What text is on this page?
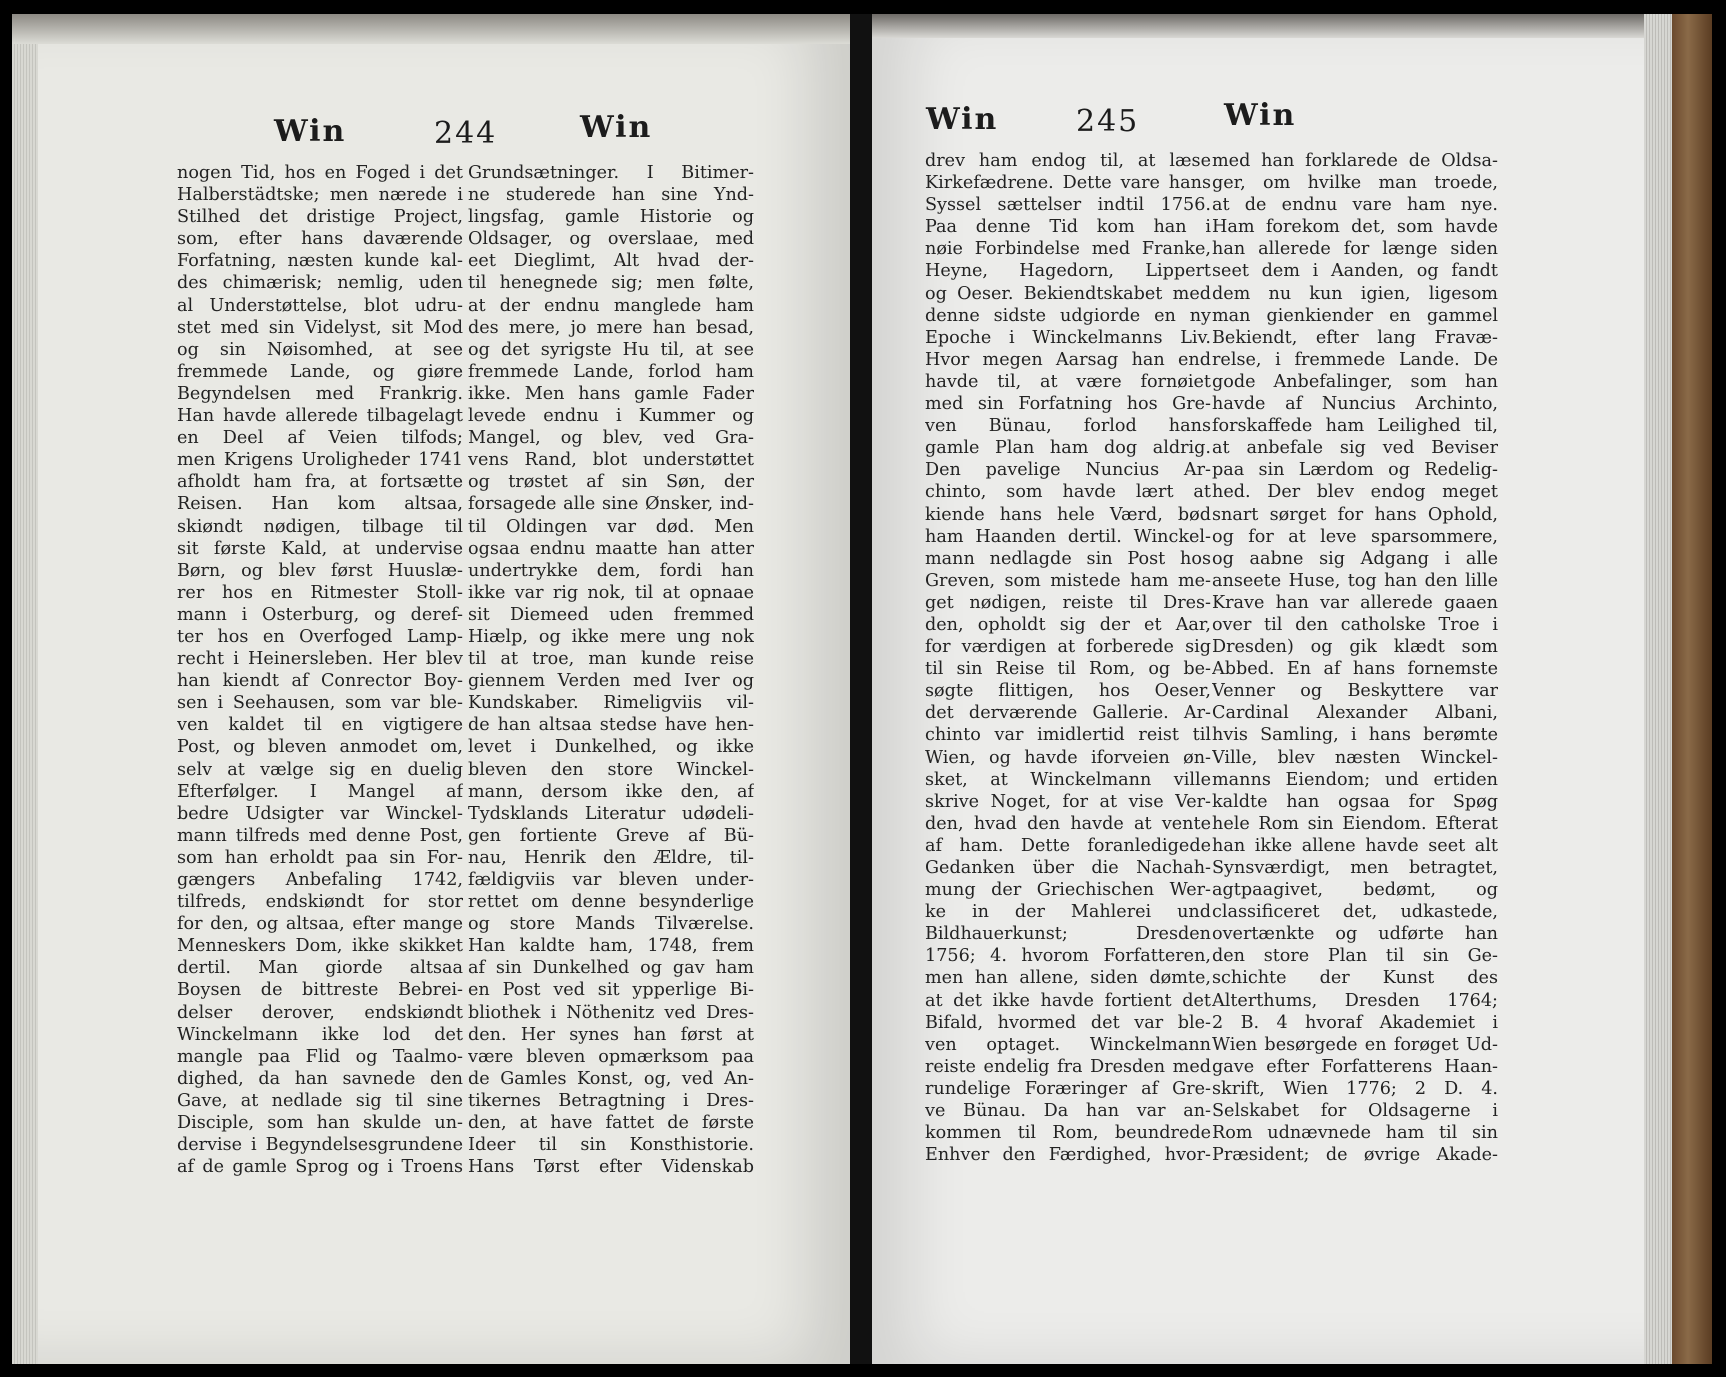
Win	244	Win
nogen Tid, hos en Foged i det
Halberstädtske; men nærede i
Stilhed det dristige Project,
som, efter hans daværende
Forfatning, næsten kunde kal-
des chimærisk; nemlig, uden
al Understøttelse, blot udru-
stet med sin Videlyst, sit Mod
og sin Nøisomhed, at see
fremmede Lande, og giøre
Begyndelsen med Frankrig.
Han havde allerede tilbagelagt
en Deel af Veien tilfods;
men Krigens Uroligheder 1741
afholdt ham fra, at fortsætte
Reisen. Han kom altsaa,
skiøndt nødigen, tilbage til
sit første Kald, at undervise
Børn, og blev først Huuslæ-
rer hos en Ritmester Stoll-
mann i Osterburg, og deref-
ter hos en Overfoged Lamp-
recht i Heinersleben. Her blev
han kiendt af Conrector Boy-
sen i Seehausen, som var ble-
ven kaldet til en vigtigere
Post, og bleven anmodet om,
selv at vælge sig en duelig
Efterfølger. I Mangel af
bedre Udsigter var Winckel-
mann tilfreds med denne Post,
som han erholdt paa sin For-
gængers Anbefaling 1742,
tilfreds, endskiøndt for stor
for den, og altsaa, efter mange
Menneskers Dom, ikke skikket
dertil. Man giorde altsaa
Boysen de bittreste Bebrei-
delser derover, endskiøndt
Winckelmann ikke lod det
mangle paa Flid og Taalmo-
dighed, da han savnede den
Gave, at nedlade sig til sine
Disciple, som han skulde un-
dervise i Begyndelsesgrundene
af de gamle Sprog og i Troens
Grundsætninger. I Bitimer-
ne studerede han sine Ynd-
lingsfag, gamle Historie og
Oldsager, og overslaae, med
eet Dieglimt, Alt hvad der-
til henegnede sig; men følte,
at der endnu manglede ham
des mere, jo mere han besad,
og det syrigste Hu til, at see
fremmede Lande, forlod ham
ikke. Men hans gamle Fader
levede endnu i Kummer og
Mangel, og blev, ved Gra-
vens Rand, blot understøttet
og trøstet af sin Søn, der
forsagede alle sine Ønsker, ind-
til Oldingen var død. Men
ogsaa endnu maatte han atter
undertrykke dem, fordi han
ikke var rig nok, til at opnaae
sit Diemeed uden fremmed
Hiælp, og ikke mere ung nok
til at troe, man kunde reise
giennem Verden med Iver og
Kundskaber. Rimeligviis vil-
de han altsaa stedse have hen-
levet i Dunkelhed, og ikke
bleven den store Winckel-
mann, dersom ikke den, af
Tydsklands Literatur udødeli-
gen fortiente Greve af Bü-
nau, Henrik den Ældre, til-
fældigviis var bleven under-
rettet om denne besynderlige
og store Mands Tilværelse.
Han kaldte ham, 1748, frem
af sin Dunkelhed og gav ham
en Post ved sit ypperlige Bi-
bliothek i Nöthenitz ved Dres-
den. Her synes han først at
være bleven opmærksom paa
de Gamles Konst, og, ved An-
tikernes Betragtning i Dres-
den, at have fattet de første
Ideer til sin Konsthistorie.
Hans Tørst efter Videnskab
Win	245	Win
drev ham endog til, at læse
Kirkefædrene. Dette vare hans
Syssel sættelser indtil 1756.
Paa denne Tid kom han i
nøie Forbindelse med Franke,
Heyne, Hagedorn, Lippert
og Oeser. Bekiendtskabet med
denne sidste udgiorde en ny
Epoche i Winckelmanns Liv.
Hvor megen Aarsag han end
havde til, at være fornøiet
med sin Forfatning hos Gre-
ven Bünau, forlod hans
gamle Plan ham dog aldrig.
Den pavelige Nuncius Ar-
chinto, som havde lært at
kiende hans hele Værd, bød
ham Haanden dertil. Winckel-
mann nedlagde sin Post hos
Greven, som mistede ham me-
get nødigen, reiste til Dres-
den, opholdt sig der et Aar,
for værdigen at forberede sig
til sin Reise til Rom, og be-
søgte flittigen, hos Oeser,
det derværende Gallerie. Ar-
chinto var imidlertid reist til
Wien, og havde iforveien øn-
sket, at Winckelmann ville
skrive Noget, for at vise Ver-
den, hvad den havde at vente
af ham. Dette foranledigede
Gedanken über die Nachah-
mung der Griechischen Wer-
ke in der Mahlerei und
Bildhauerkunst; Dresden
1756; 4. hvorom Forfatteren,
men han allene, siden dømte,
at det ikke havde fortient det
Bifald, hvormed det var ble-
ven optaget. Winckelmann
reiste endelig fra Dresden med
rundelige Foræringer af Gre-
ve Bünau. Da han var an-
kommen til Rom, beundrede
Enhver den Færdighed, hvor-
med han forklarede de Oldsa-
ger, om hvilke man troede,
at de endnu vare ham nye.
Ham forekom det, som havde
han allerede for længe siden
seet dem i Aanden, og fandt
dem nu kun igien, ligesom
man gienkiender en gammel
Bekiendt, efter lang Fravæ-
relse, i fremmede Lande. De
gode Anbefalinger, som han
havde af Nuncius Archinto,
forskaffede ham Leilighed til,
at anbefale sig ved Beviser
paa sin Lærdom og Redelig-
hed. Der blev endog meget
snart sørget for hans Ophold,
og for at leve sparsommere,
og aabne sig Adgang i alle
anseete Huse, tog han den lille
Krave han var allerede gaaen
over til den catholske Troe i
Dresden) og gik klædt som
Abbed. En af hans fornemste
Venner og Beskyttere var
Cardinal Alexander Albani,
hvis Samling, i hans berømte
Ville, blev næsten Winckel-
manns Eiendom; und ertiden
kaldte han ogsaa for Spøg
hele Rom sin Eiendom. Efterat
han ikke allene havde seet alt
Synsværdigt, men betragtet,
agtpaagivet, bedømt, og
classificeret det, udkastede,
overtænkte og udførte han
den store Plan til sin Ge-
schichte der Kunst des
Alterthums, Dresden 1764;
2 B. 4 hvoraf Akademiet i
Wien besørgede en forøget Ud-
gave efter Forfatterens Haan-
skrift, Wien 1776; 2 D. 4.
Selskabet for Oldsagerne i
Rom udnævnede ham til sin
Præsident; de øvrige Akade-
